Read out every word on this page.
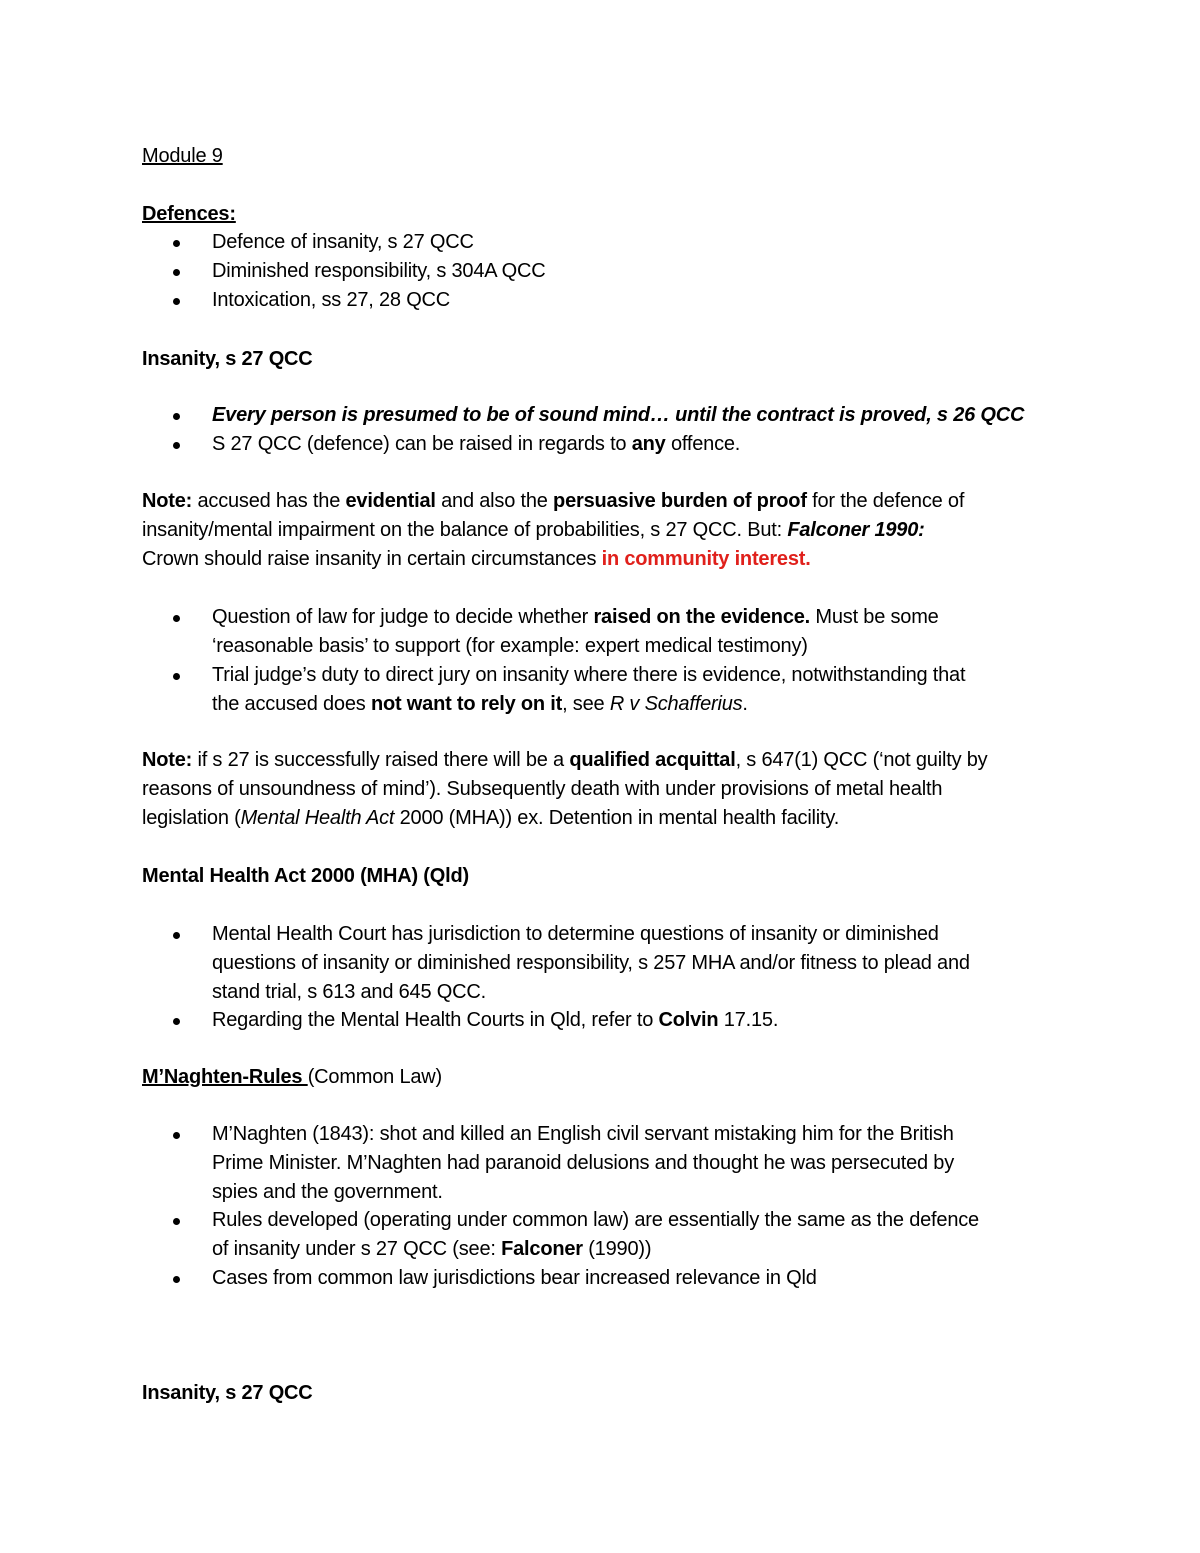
Module 9
Defences:
Defence of insanity, s 27 QCC
Diminished responsibility, s 304A QCC
Intoxication, ss 27, 28 QCC
Insanity, s 27 QCC
Every person is presumed to be of sound mind… until the contract is proved, s 26 QCC
S 27 QCC (defence) can be raised in regards to any offence.
Note: accused has the evidential and also the persuasive burden of proof for the defence of
insanity/mental impairment on the balance of probabilities, s 27 QCC. But: Falconer 1990:
Crown should raise insanity in certain circumstances in community interest.
Question of law for judge to decide whether raised on the evidence. Must be some
‘reasonable basis’ to support (for example: expert medical testimony)
Trial judge’s duty to direct jury on insanity where there is evidence, notwithstanding that
the accused does not want to rely on it, see R v Schafferius.
Note: if s 27 is successfully raised there will be a qualified acquittal, s 647(1) QCC (‘not guilty by
reasons of unsoundness of mind’). Subsequently death with under provisions of metal health
legislation (Mental Health Act 2000 (MHA)) ex. Detention in mental health facility.
Mental Health Act 2000 (MHA) (Qld)
Mental Health Court has jurisdiction to determine questions of insanity or diminished
questions of insanity or diminished responsibility, s 257 MHA and/or fitness to plead and
stand trial, s 613 and 645 QCC.
Regarding the Mental Health Courts in Qld, refer to Colvin 17.15.
M’Naghten-Rules (Common Law)
M’Naghten (1843): shot and killed an English civil servant mistaking him for the British
Prime Minister. M’Naghten had paranoid delusions and thought he was persecuted by
spies and the government.
Rules developed (operating under common law) are essentially the same as the defence
of insanity under s 27 QCC (see: Falconer (1990))
Cases from common law jurisdictions bear increased relevance in Qld
Insanity, s 27 QCC
